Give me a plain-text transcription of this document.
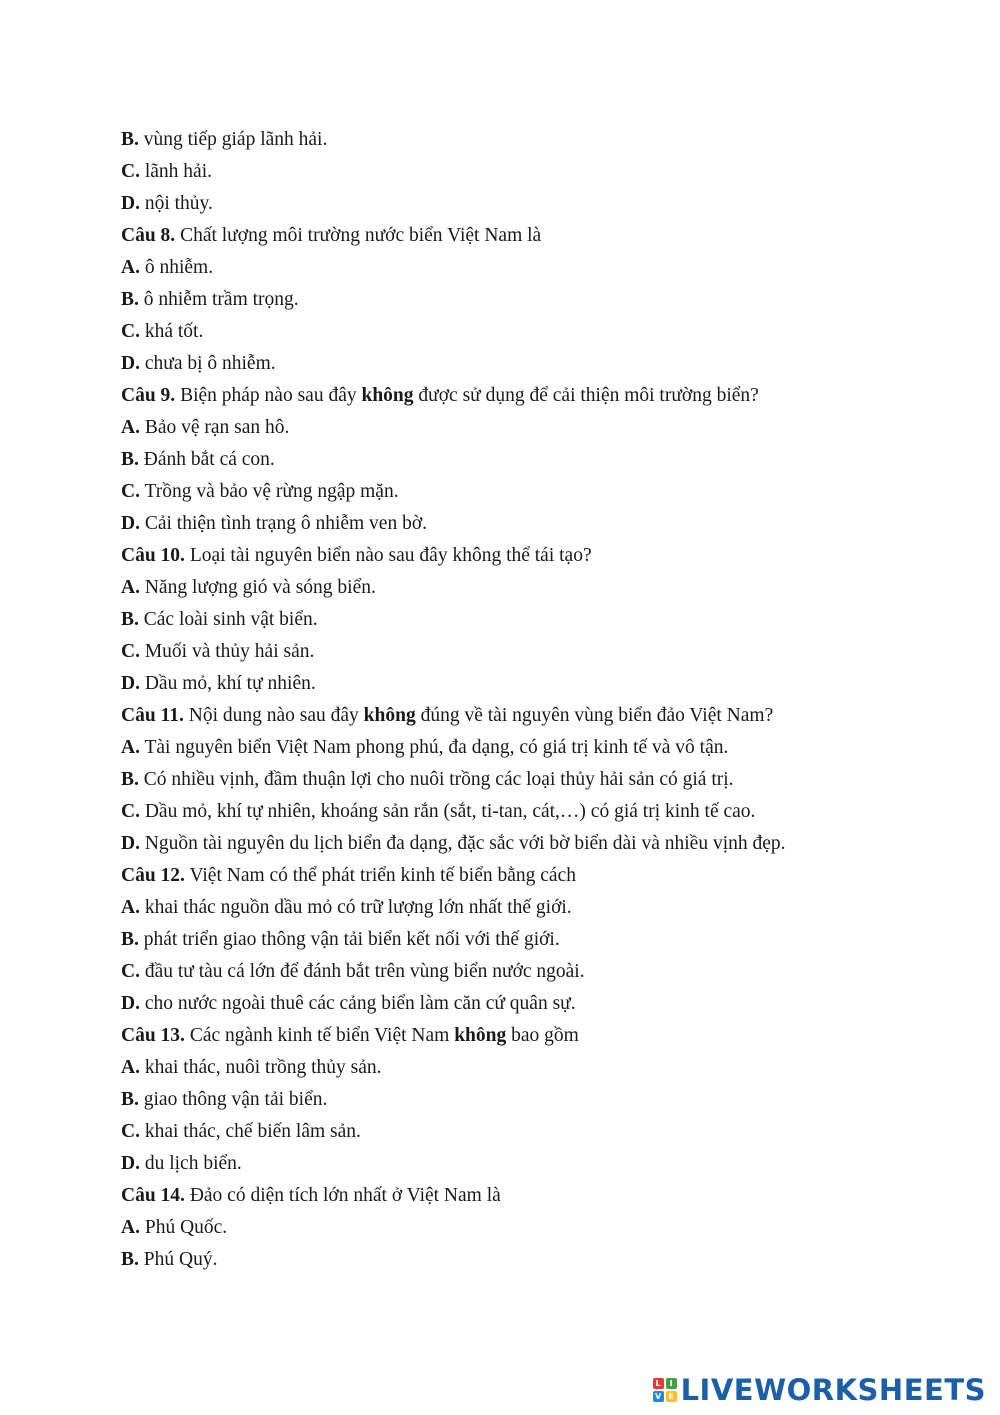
B. vùng tiếp giáp lãnh hải.
C. lãnh hải.
D. nội thủy.
Câu 8. Chất lượng môi trường nước biển Việt Nam là
A. ô nhiễm.
B. ô nhiễm trầm trọng.
C. khá tốt.
D. chưa bị ô nhiễm.
Câu 9. Biện pháp nào sau đây không được sử dụng để cải thiện môi trường biển?
A. Bảo vệ rạn san hô.
B. Đánh bắt cá con.
C. Trồng và bảo vệ rừng ngập mặn.
D. Cải thiện tình trạng ô nhiễm ven bờ.
Câu 10. Loại tài nguyên biển nào sau đây không thể tái tạo?
A. Năng lượng gió và sóng biển.
B. Các loài sinh vật biển.
C. Muối và thủy hải sản.
D. Dầu mỏ, khí tự nhiên.
Câu 11. Nội dung nào sau đây không đúng về tài nguyên vùng biển đảo Việt Nam?
A. Tài nguyên biển Việt Nam phong phú, đa dạng, có giá trị kinh tế và vô tận.
B. Có nhiều vịnh, đầm thuận lợi cho nuôi trồng các loại thủy hải sản có giá trị.
C. Dầu mỏ, khí tự nhiên, khoáng sản rắn (sắt, ti-tan, cát,…) có giá trị kinh tế cao.
D. Nguồn tài nguyên du lịch biển đa dạng, đặc sắc với bờ biển dài và nhiều vịnh đẹp.
Câu 12. Việt Nam có thể phát triển kinh tế biển bằng cách
A. khai thác nguồn dầu mỏ có trữ lượng lớn nhất thế giới.
B. phát triển giao thông vận tải biển kết nối với thế giới.
C. đầu tư tàu cá lớn để đánh bắt trên vùng biển nước ngoài.
D. cho nước ngoài thuê các cảng biển làm căn cứ quân sự.
Câu 13. Các ngành kinh tế biển Việt Nam không bao gồm
A. khai thác, nuôi trồng thủy sản.
B. giao thông vận tải biển.
C. khai thác, chế biến lâm sản.
D. du lịch biển.
Câu 14. Đảo có diện tích lớn nhất ở Việt Nam là
A. Phú Quốc.
B. Phú Quý.
L	I
V E LIVEWORKSHEETS
